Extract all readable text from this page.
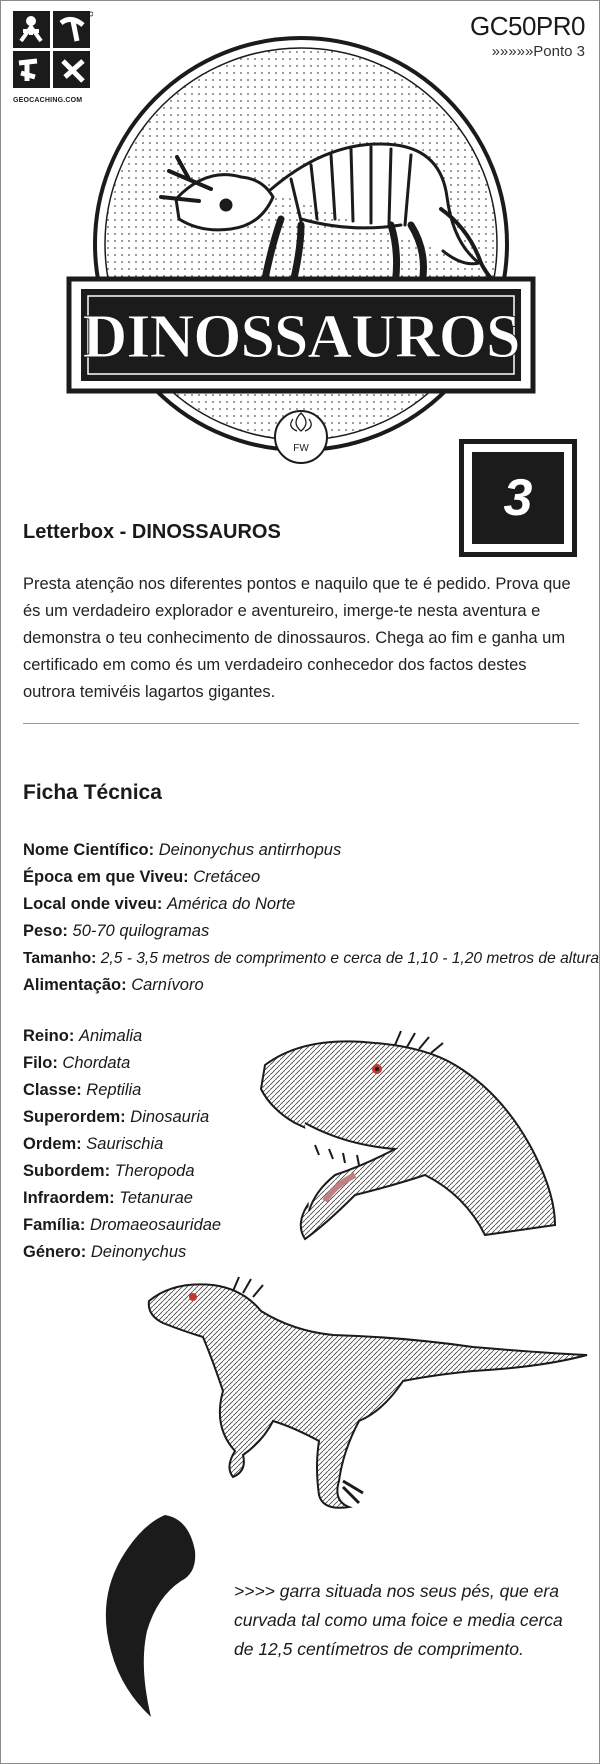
GEOCACHING.COM
GC50PR0
»»»»»Ponto 3
DINOSSAUROS
FW
3
Letterbox - DINOSSAUROS
Presta atenção nos diferentes pontos e naquilo que te é pedido. Prova que és um verdadeiro explorador e aventureiro, imerge-te nesta aventura e demonstra o teu conhecimento de dinossauros. Chega ao fim e ganha um certificado em como és um verdadeiro conhecedor dos factos destes outrora temivéis lagartos gigantes.
Ficha Técnica
Nome Científico: Deinonychus antirrhopus
Época em que Viveu: Cretáceo
Local onde viveu: América do Norte
Peso: 50-70 quilogramas
Tamanho: 2,5 - 3,5 metros de comprimento e cerca de 1,10 - 1,20 metros de altura
Alimentação: Carnívoro
Reino: Animalia
Filo: Chordata
Classe: Reptilia
Superordem: Dinosauria
Ordem: Saurischia
Subordem: Theropoda
Infraordem: Tetanurae
Família: Dromaeosauridae
Género: Deinonychus
>>>> garra situada nos seus pés, que era curvada tal como uma foice e media cerca de 12,5 centímetros de comprimento.
